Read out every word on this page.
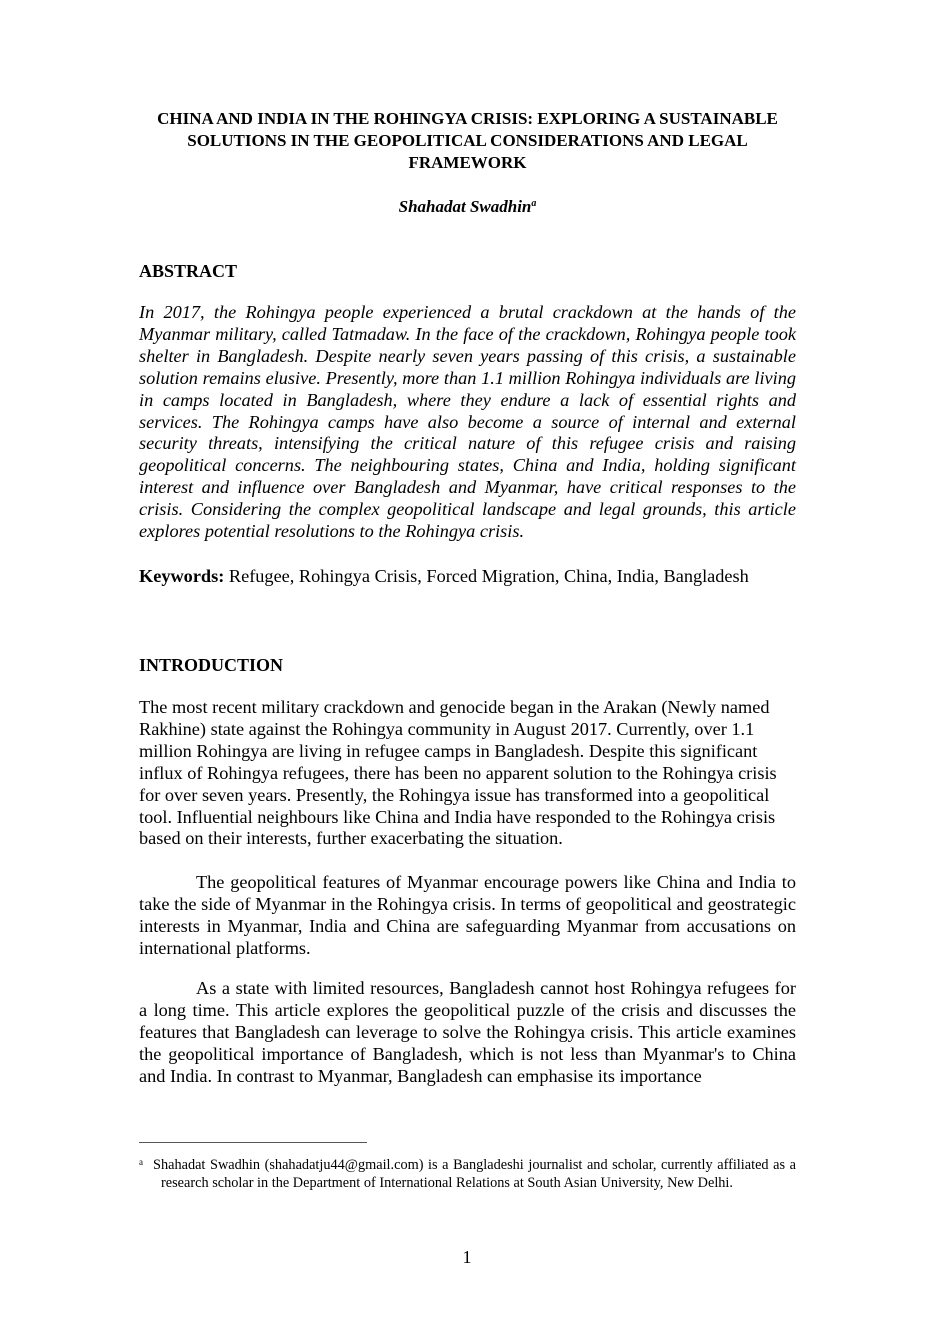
CHINA AND INDIA IN THE ROHINGYA CRISIS: EXPLORING A SUSTAINABLE SOLUTIONS IN THE GEOPOLITICAL CONSIDERATIONS AND LEGAL FRAMEWORK

Shahadat Swadhin$^a$

ABSTRACT

In 2017, the Rohingya people experienced a brutal crackdown at the hands of the Myanmar military, called Tatmadaw. In the face of the crackdown, Rohingya people took shelter in Bangladesh. Despite nearly seven years passing of this crisis, a sustainable solution remains elusive. Presently, more than 1.1 million Rohingya individuals are living in camps located in Bangladesh, where they endure a lack of essential rights and services. The Rohingya camps have also become a source of internal and external security threats, intensifying the critical nature of this refugee crisis and raising geopolitical concerns. The neighbouring states, China and India, holding significant interest and influence over Bangladesh and Myanmar, have critical responses to the crisis. Considering the complex geopolitical landscape and legal grounds, this article explores potential resolutions to the Rohingya crisis.

Keywords: Refugee, Rohingya Crisis, Forced Migration, China, India, Bangladesh

INTRODUCTION

The most recent military crackdown and genocide began in the Arakan (Newly named Rakhine) state against the Rohingya community in August 2017. Currently, over 1.1 million Rohingya are living in refugee camps in Bangladesh. Despite this significant influx of Rohingya refugees, there has been no apparent solution to the Rohingya crisis for over seven years. Presently, the Rohingya issue has transformed into a geopolitical tool. Influential neighbours like China and India have responded to the Rohingya crisis based on their interests, further exacerbating the situation.

The geopolitical features of Myanmar encourage powers like China and India to take the side of Myanmar in the Rohingya crisis. In terms of geopolitical and geostrategic interests in Myanmar, India and China are safeguarding Myanmar from accusations on international platforms.

As a state with limited resources, Bangladesh cannot host Rohingya refugees for a long time. This article explores the geopolitical puzzle of the crisis and discusses the features that Bangladesh can leverage to solve the Rohingya crisis. This article examines the geopolitical importance of Bangladesh, which is not less than Myanmar's to China and India. In contrast to Myanmar, Bangladesh can emphasise its importance

a Shahadat Swadhin (shahadatju44@gmail.com) is a Bangladeshi journalist and scholar, currently affiliated as a research scholar in the Department of International Relations at South Asian University, New Delhi.

1
